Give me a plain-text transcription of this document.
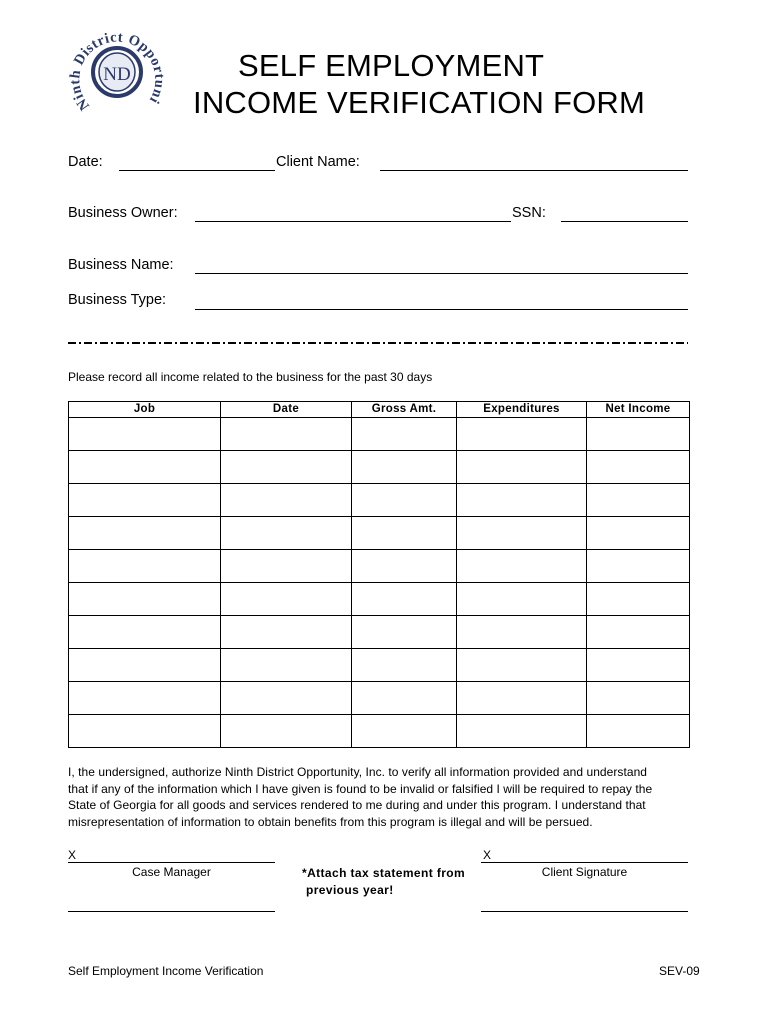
Ninth District Opportuni
ND	SELF EMPLOYMENT
INCOME VERIFICATION FORM
Date:	Client Name:
Business Owner:	SSN:
Business Name:
Business Type:
Please record all income related to the business for the past 30 days
Job	Date	Gross Amt.	Expenditures	Net Income

I, the undersigned, authorize Ninth District Opportunity, Inc. to verify all information provided and understand
that if any of the information which I have given is found to be invalid or falsified I will be required to repay the
State of Georgia for all goods and services rendered to me during and under this program. I understand that
misrepresentation of information to obtain benefits from this program is illegal and will be persued.
X
Case Manager	*Attach tax statement from
previous year!
X
Client Signature
Self Employment Income Verification	SEV-09
